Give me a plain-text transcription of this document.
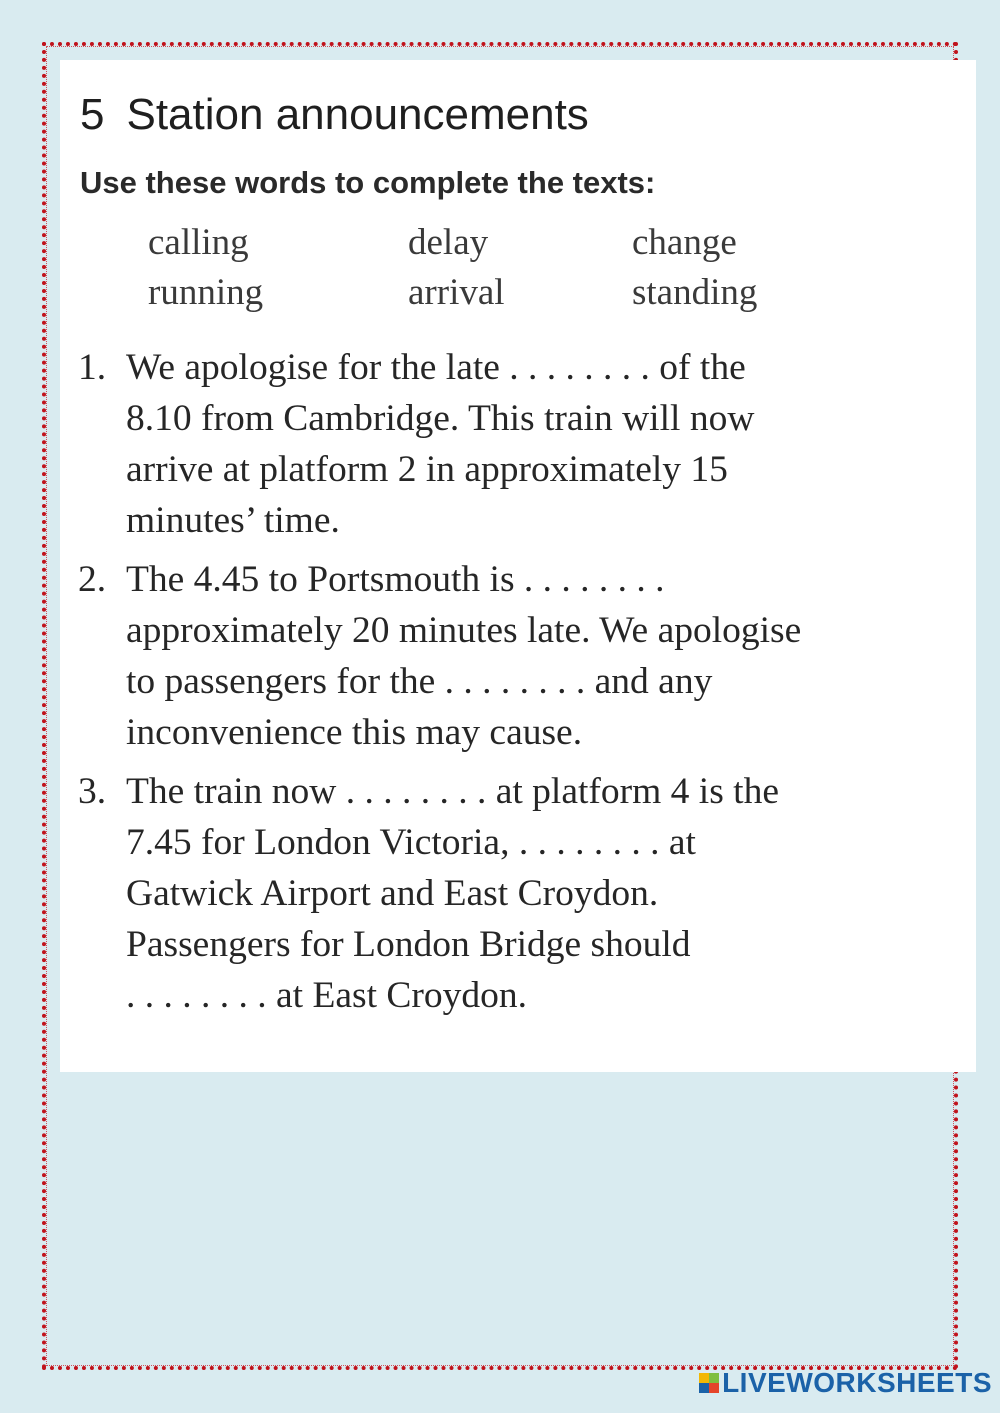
5 Station announcements
Use these words to complete the texts:
calling	delay	change
running	arrival	standing
1. We apologise for the late . . . . . . . . of the
8.10 from Cambridge. This train will now
arrive at platform 2 in approximately 15
minutes’ time.
2. The 4.45 to Portsmouth is . . . . . . . .
approximately 20 minutes late. We apologise
to passengers for the . . . . . . . . and any
inconvenience this may cause.
3. The train now . . . . . . . . at platform 4 is the
7.45 for London Victoria, . . . . . . . . at
Gatwick Airport and East Croydon.
Passengers for London Bridge should
. . . . . . . . at East Croydon.
LIVEWORKSHEETS
